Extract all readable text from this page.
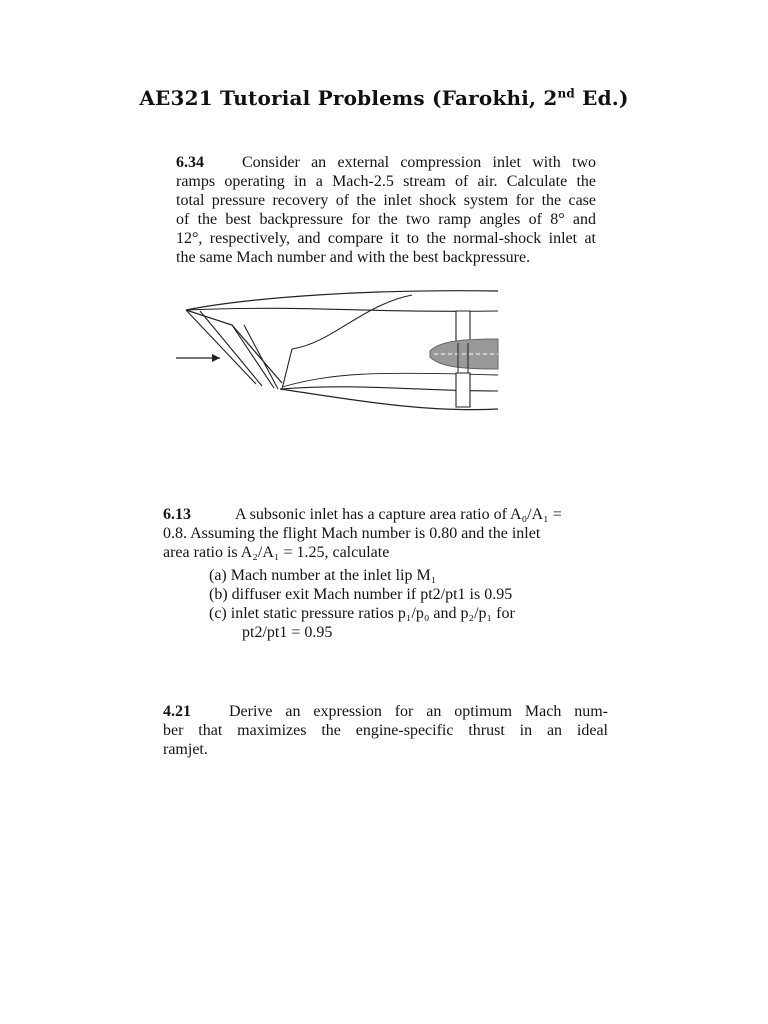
AE321 Tutorial Problems (Farokhi, 2nd Ed.)
6.34 Consider an external compression inlet with two
ramps operating in a Mach-2.5 stream of air. Calculate the
total pressure recovery of the inlet shock system for the case
of the best backpressure for the two ramp angles of 8° and
12°, respectively, and compare it to the normal-shock inlet at
the same Mach number and with the best backpressure.
6.13	A subsonic inlet has a capture area ratio of A₀/A₁ =
0.8. Assuming the flight Mach number is 0.80 and the inlet
area ratio is A₂/A₁ = 1.25, calculate
(a) Mach number at the inlet lip M₁
(b) diffuser exit Mach number if pt2/pt1 is 0.95
(c) inlet static pressure ratios p₁/p₀ and p₂/p₁ for
pt2/pt1 = 0.95
4.21 Derive an expression for an optimum Mach num-
ber that maximizes the engine-specific thrust in an ideal
ramjet.
